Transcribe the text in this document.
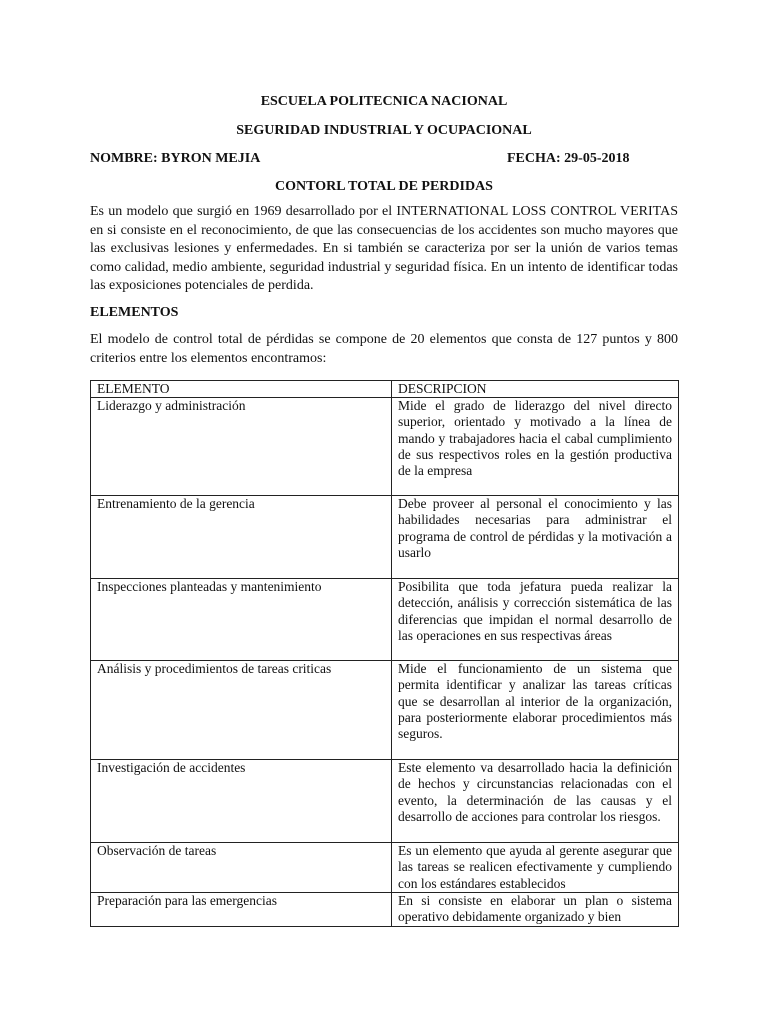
ESCUELA POLITECNICA NACIONAL
SEGURIDAD INDUSTRIAL Y OCUPACIONAL
NOMBRE: BYRON MEJIA	FECHA: 29-05-2018
CONTORL TOTAL DE PERDIDAS
Es un modelo que surgió en 1969 desarrollado por el INTERNATIONAL LOSS CONTROL VERITAS en si consiste en el reconocimiento, de que las consecuencias de los accidentes son mucho mayores que las exclusivas lesiones y enfermedades. En si también se caracteriza por ser la unión de varios temas como calidad, medio ambiente, seguridad industrial y seguridad física. En un intento de identificar todas las exposiciones potenciales de perdida.
ELEMENTOS
El modelo de control total de pérdidas se compone de 20 elementos que consta de 127 puntos y 800 criterios entre los elementos encontramos:
ELEMENTO	DESCRIPCION
Liderazgo y administración	Mide el grado de liderazgo del nivel directo superior, orientado y motivado a la línea de mando y trabajadores hacia el cabal cumplimiento de sus respectivos roles en la gestión productiva de la empresa
Entrenamiento de la gerencia	Debe proveer al personal el conocimiento y las habilidades necesarias para administrar el programa de control de pérdidas y la motivación a usarlo
Inspecciones planteadas y mantenimiento	Posibilita que toda jefatura pueda realizar la detección, análisis y corrección sistemática de las diferencias que impidan el normal desarrollo de las operaciones en sus respectivas áreas
Análisis y procedimientos de tareas criticas	Mide el funcionamiento de un sistema que permita identificar y analizar las tareas críticas que se desarrollan al interior de la organización, para posteriormente elaborar procedimientos más seguros.
Investigación de accidentes	Este elemento va desarrollado hacia la definición de hechos y circunstancias relacionadas con el evento, la determinación de las causas y el desarrollo de acciones para controlar los riesgos.
Observación de tareas	Es un elemento que ayuda al gerente asegurar que las tareas se realicen efectivamente y cumpliendo con los estándares establecidos
Preparación para las emergencias	En si consiste en elaborar un plan o sistema operativo debidamente organizado y bien
